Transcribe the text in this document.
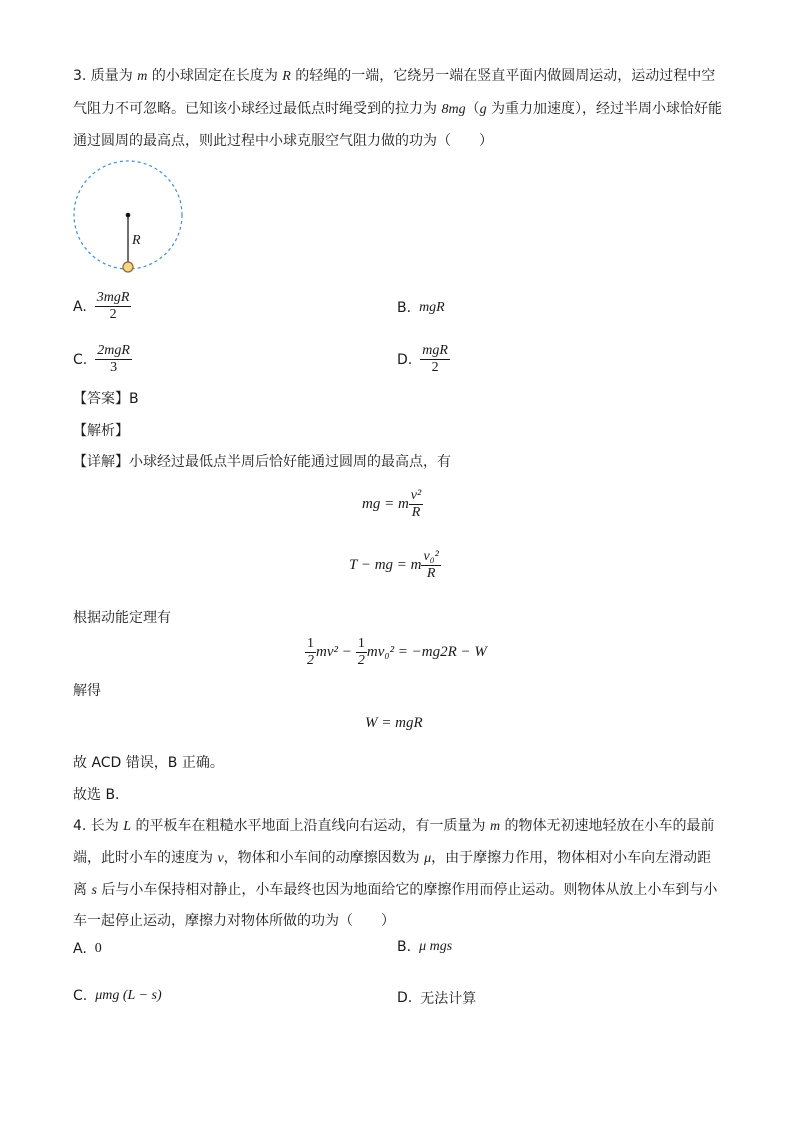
3. 质量为 m 的小球固定在长度为 R 的轻绳的一端，它绕另一端在竖直平面内做圆周运动，运动过程中空
气阻力不可忽略。已知该小球经过最低点时绳受到的拉力为 8mg（g 为重力加速度），经过半周小球恰好能
通过圆周的最高点，则此过程中小球克服空气阻力做的功为（　　）
R
A. $\frac{\text{3mgR}}{2}$	B. mgR
C. $\frac{\text{2mgR}}{3}$	D. $\frac{\text{mgR}}{2}$
【答案】B
【解析】
【详解】小球经过最低点半周后恰好能通过圆周的最高点，有
mg = m $\frac{\text{v²}}{R}$
T − mg = m $\frac{\text{v₀²}}{R}$
根据动能定理有
$\frac{1}{2} mv^2 - \frac{1}{2} mv_0^2 = -mg2R - W$
解得
W = mgR
故 ACD 错误，B 正确。
故选 B.
4. 长为 L 的平板车在粗糙水平地面上沿直线向右运动，有一质量为 m 的物体无初速地轻放在小车的最前
端，此时小车的速度为 v，物体和小车间的动摩擦因数为 μ，由于摩擦力作用，物体相对小车向左滑动距
离 s 后与小车保持相对静止，小车最终也因为地面给它的摩擦作用而停止运动。则物体从放上小车到与小
车一起停止运动，摩擦力对物体所做的功为（　　）
A. 0	B. μ mgs
C. μmg (L − s)	D. 无法计算
